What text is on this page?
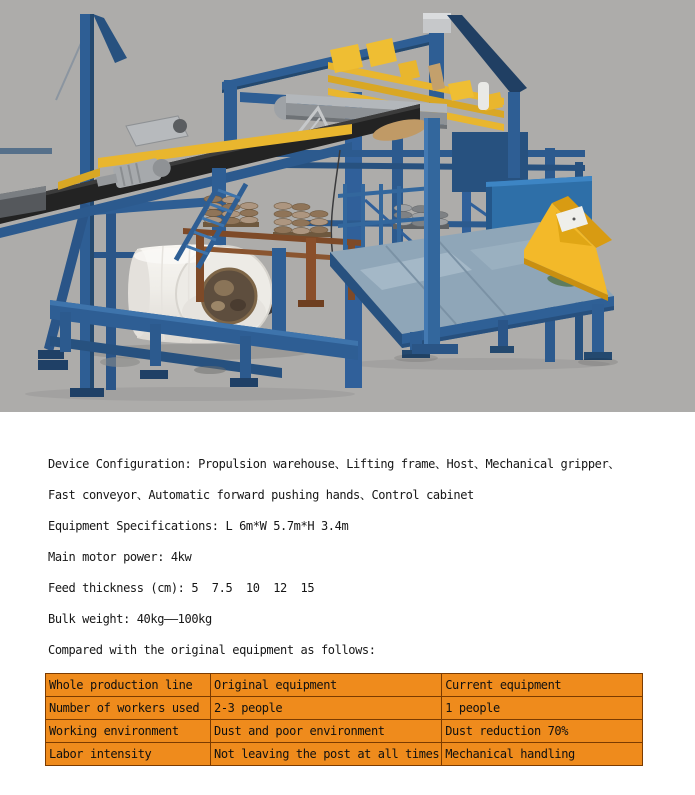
Device Configuration: Propulsion warehouse、Lifting frame、Host、Mechanical gripper、

Fast conveyor、Automatic forward pushing hands、Control cabinet

Equipment Specifications: L 6m*W 5.7m*H 3.4m

Main motor power: 4kw

Feed thickness (cm): 5  7.5  10  12  15

Bulk weight: 40kg——100kg

Compared with the original equipment as follows:

Whole production line	Original equipment	Current equipment
Number of workers used	2-3 people	1 people
Working environment	Dust and poor environment	Dust reduction 70%
Labor intensity	Not leaving the post at all times	Mechanical handling
